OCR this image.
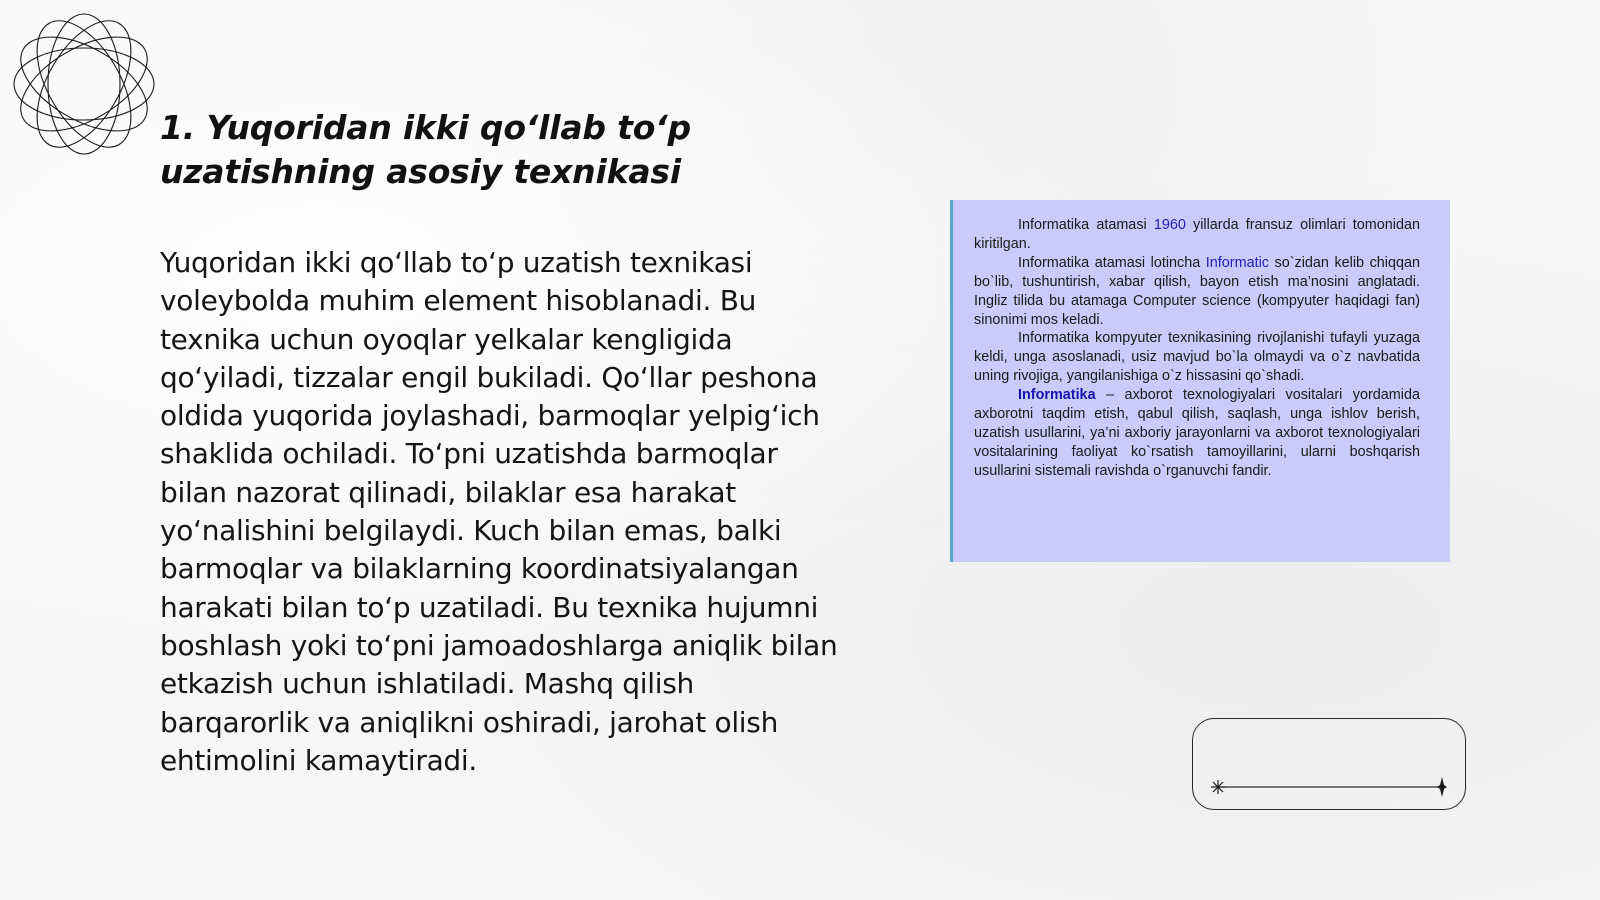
1. Yuqoridan ikki qo‘llab to‘p uzatishning asosiy texnikasi
Yuqoridan ikki qo‘llab to‘p uzatish texnikasi voleybolda muhim element hisoblanadi. Bu texnika uchun oyoqlar yelkalar kengligida qo‘yiladi, tizzalar engil bukiladi. Qo‘llar peshona oldida yuqorida joylashadi, barmoqlar yelpig‘ich shaklida ochiladi. To‘pni uzatishda barmoqlar bilan nazorat qilinadi, bilaklar esa harakat yo‘nalishini belgilaydi. Kuch bilan emas, balki barmoqlar va bilaklarning koordinatsiyalangan harakati bilan to‘p uzatiladi. Bu texnika hujumni boshlash yoki to‘pni jamoadoshlarga aniqlik bilan etkazish uchun ishlatiladi. Mashq qilish barqarorlik va aniqlikni oshiradi, jarohat olish ehtimolini kamaytiradi.

Informatika atamasi 1960 yillarda fransuz olimlari tomonidan kiritilgan.

Informatika atamasi lotincha Informatic so`zidan kelib chiqqan bo`lib, tushuntirish, xabar qilish, bayon etish ma’nosini anglatadi. Ingliz tilida bu atamaga Computer science (kompyuter haqidagi fan) sinonimi mos keladi.

Informatika kompyuter texnikasining rivojlanishi tufayli yuzaga keldi, unga asoslanadi, usiz mavjud bo`la olmaydi va o`z navbatida uning rivojiga, yangilanishiga o`z hissasini qo`shadi.

Informatika – axborot texnologiyalari vositalari yordamida axborotni taqdim etish, qabul qilish, saqlash, unga ishlov berish, uzatish usullarini, ya’ni axboriy jarayonlarni va axborot texnologiyalari vositalarining faoliyat ko`rsatish tamoyillarini, ularni boshqarish usullarini sistemali ravishda o`rganuvchi fandir.
